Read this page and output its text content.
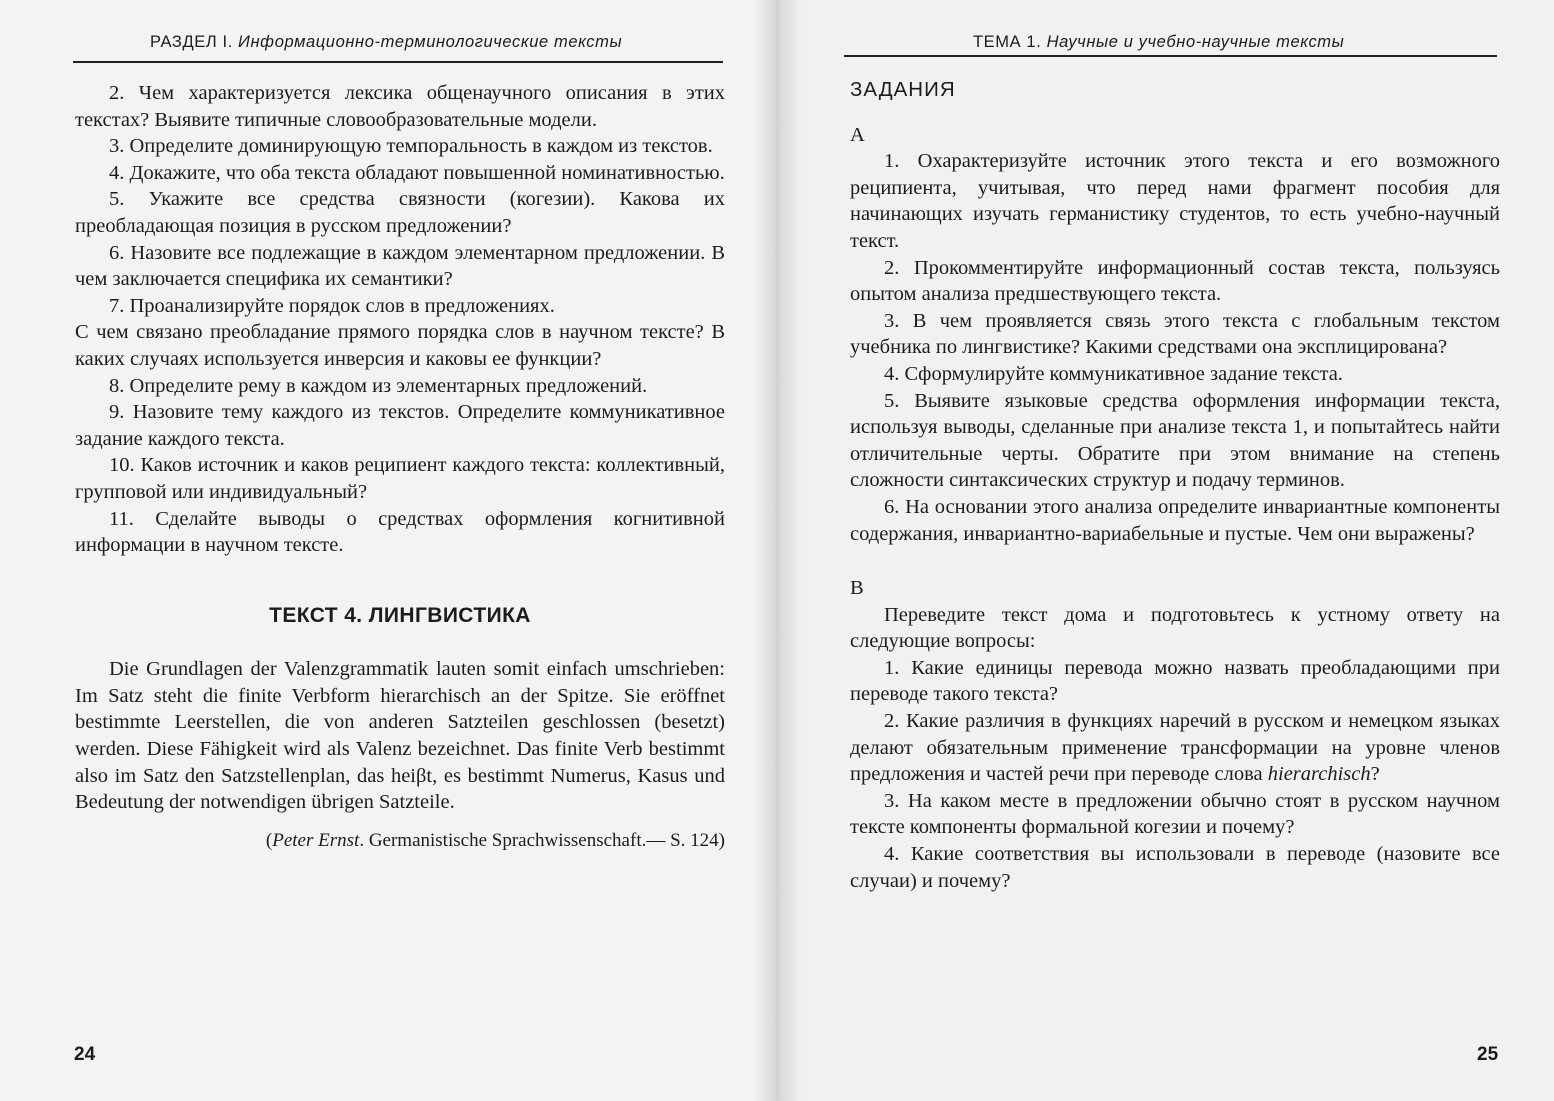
РАЗДЕЛ I. Информационно-терминологические тексты

2. Чем характеризуется лексика общенаучного описания в этих текстах? Выявите типичные словообразовательные модели.

3. Определите доминирующую темпоральность в каждом из текстов.

4. Докажите, что оба текста обладают повышенной номинативностью.

5. Укажите все средства связности (когезии). Какова их преобладающая позиция в русском предложении?

6. Назовите все подлежащие в каждом элементарном предложении. В чем заключается специфика их семантики?

7. Проанализируйте порядок слов в предложениях.

С чем связано преобладание прямого порядка слов в научном тексте? В каких случаях используется инверсия и каковы ее функции?

8. Определите рему в каждом из элементарных предложений.

9. Назовите тему каждого из текстов. Определите коммуникативное задание каждого текста.

10. Каков источник и каков реципиент каждого текста: коллективный, групповой или индивидуальный?

11. Сделайте выводы о средствах оформления когнитивной информации в научном тексте.

ТЕКСТ 4. ЛИНГВИСТИКА

Die Grundlagen der Valenzgrammatik lauten somit einfach umschrieben: Im Satz steht die finite Verbform hierarchisch an der Spitze. Sie eröffnet bestimmte Leerstellen, die von anderen Satzteilen geschlossen (besetzt) werden. Diese Fähigkeit wird als Valenz bezeichnet. Das finite Verb bestimmt also im Satz den Satzstellenplan, das heiβt, es bestimmt Numerus, Kasus und Bedeutung der notwendigen übrigen Satzteile.

(Peter Ernst. Germanistische Sprachwissenschaft.— S. 124)
24
ТЕМА 1. Научные и учебно-научные тексты

ЗАДАНИЯ

А

1. Охарактеризуйте источник этого текста и его возможного реципиента, учитывая, что перед нами фрагмент пособия для начинающих изучать германистику студентов, то есть учебно-научный текст.

2. Прокомментируйте информационный состав текста, пользуясь опытом анализа предшествующего текста.

3. В чем проявляется связь этого текста с глобальным текстом учебника по лингвистике? Какими средствами она эксплицирована?

4. Сформулируйте коммуникативное задание текста.

5. Выявите языковые средства оформления информации текста, используя выводы, сделанные при анализе текста 1, и попытайтесь найти отличительные черты. Обратите при этом внимание на степень сложности синтаксических структур и подачу терминов.

6. На основании этого анализа определите инвариантные компоненты содержания, инвариантно-вариабельные и пустые. Чем они выражены?

В

Переведите текст дома и подготовьтесь к устному ответу на следующие вопросы:

1. Какие единицы перевода можно назвать преобладающими при переводе такого текста?

2. Какие различия в функциях наречий в русском и немецком языках делают обязательным применение трансформации на уровне членов предложения и частей речи при переводе слова hierarchisch?

3. На каком месте в предложении обычно стоят в русском научном тексте компоненты формальной когезии и почему?

4. Какие соответствия вы использовали в переводе (назовите все случаи) и почему?

25
